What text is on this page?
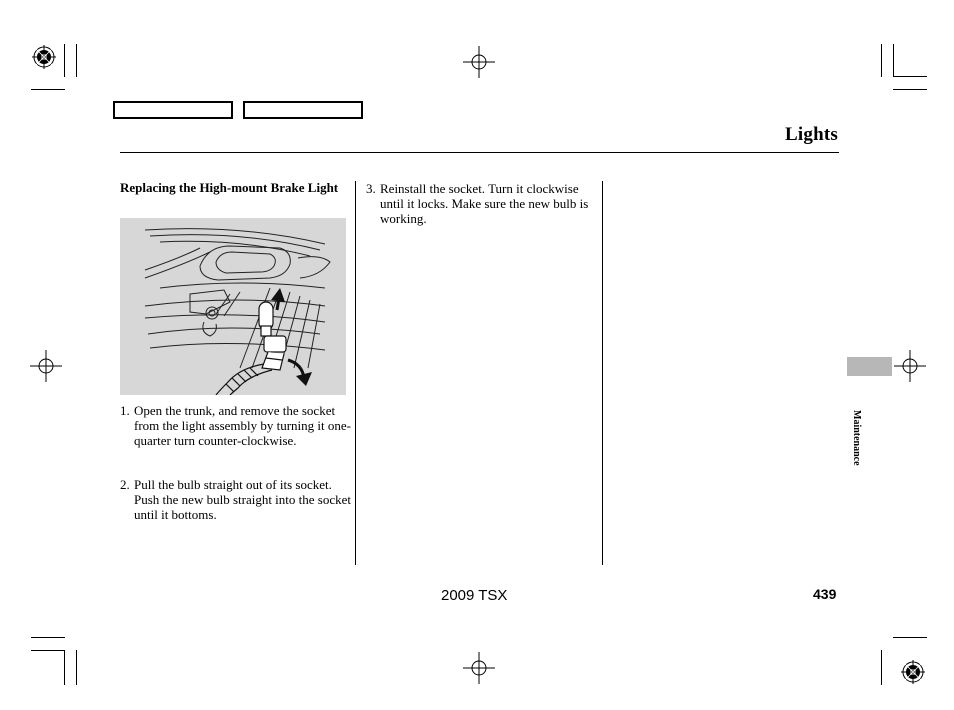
Lights
Replacing the High-mount Brake Light
1. Open the trunk, and remove the socket from the light assembly by turning it one-quarter turn counter-clockwise.
2. Pull the bulb straight out of its socket. Push the new bulb straight into the socket until it bottoms.
3. Reinstall the socket. Turn it clockwise until it locks. Make sure the new bulb is working.
Maintenance
2009 TSX	439
